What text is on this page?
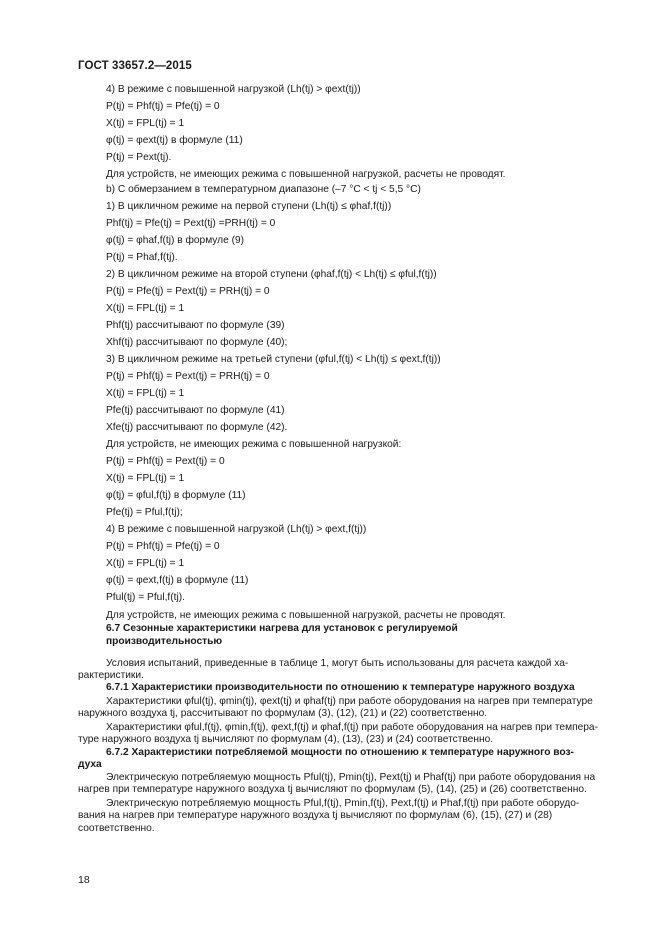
ГОСТ 33657.2—2015
4) В режиме с повышенной нагрузкой (Lh(tj) > φext(tj))
P(tj) = Phf(tj) = Pfe(tj) = 0
X(tj) = FPL(tj) = 1
φ(tj) = φext(tj) в формуле (11)
P(tj) = Pext(tj).
Для устройств, не имеющих режима с повышенной нагрузкой, расчеты не проводят.
b) С обмерзанием в температурном диапазоне (–7 °С < tj < 5,5 °С)
1) В цикличном режиме на первой ступени (Lh(tj) ≤ φhaf,f(tj))
Phf(tj) = Pfe(tj) = Pext(tj) =PRH(tj) = 0
φ(tj) = φhaf,f(tj) в формуле (9)
P(tj) = Phaf,f(tj).
2) В цикличном режиме на второй ступени (φhaf,f(tj) < Lh(tj) ≤ φful,f(tj))
P(tj) = Pfe(tj) = Pext(tj) = PRH(tj) = 0
X(tj) = FPL(tj) = 1
Phf(tj) рассчитывают по формуле (39)
Xhf(tj) рассчитывают по формуле (40);
3) В цикличном режиме на третьей ступени (φful,f(tj) < Lh(tj) ≤ φext,f(tj))
P(tj) = Phf(tj) = Pext(tj) = PRH(tj) = 0
X(tj) = FPL(tj) = 1
Pfe(tj) рассчитывают по формуле (41)
Xfe(tj) рассчитывают по формуле (42).
Для устройств, не имеющих режима с повышенной нагрузкой:
P(tj) = Phf(tj) = Pext(tj) = 0
X(tj) = FPL(tj) = 1
φ(tj) = φful,f(tj) в формуле (11)
Pfe(tj) = Pful,f(tj);
4) В режиме с повышенной нагрузкой (Lh(tj) > φext,f(tj))
P(tj) = Phf(tj) = Pfe(tj) = 0
X(tj) = FPL(tj) = 1
φ(tj) = φext,f(tj) в формуле (11)
Pful(tj) = Pful,f(tj).
Для устройств, не имеющих режима с повышенной нагрузкой, расчеты не проводят.
6.7 Сезонные характеристики нагрева для установок с регулируемой
производительностью
Условия испытаний, приведенные в таблице 1, могут быть использованы для расчета каждой ха-
рактеристики.
6.7.1 Характеристики производительности по отношению к температуре наружного воздуха
Характеристики φful(tj), φmin(tj), φext(tj) и φhaf(tj) при работе оборудования на нагрев при температуре
наружного воздуха tj, рассчитывают по формулам (3), (12), (21) и (22) соответственно.
Характеристики φful,f(tj), φmin,f(tj), φext,f(tj) и φhaf,f(tj) при работе оборудования на нагрев при темпера-
туре наружного воздуха tj вычисляют по формулам (4), (13), (23) и (24) соответственно.
6.7.2 Характеристики потребляемой мощности по отношению к температуре наружного воз-
духа
Электрическую потребляемую мощность Pful(tj), Pmin(tj), Pext(tj) и Phaf(tj) при работе оборудования на
нагрев при температуре наружного воздуха tj вычисляют по формулам (5), (14), (25) и (26) соответственно.
Электрическую потребляемую мощность Pful,f(tj), Pmin,f(tj), Pext,f(tj) и Phaf,f(tj) при работе оборудо-
вания на нагрев при температуре наружного воздуха tj вычисляют по формулам (6), (15), (27) и (28)
соответственно.
18
